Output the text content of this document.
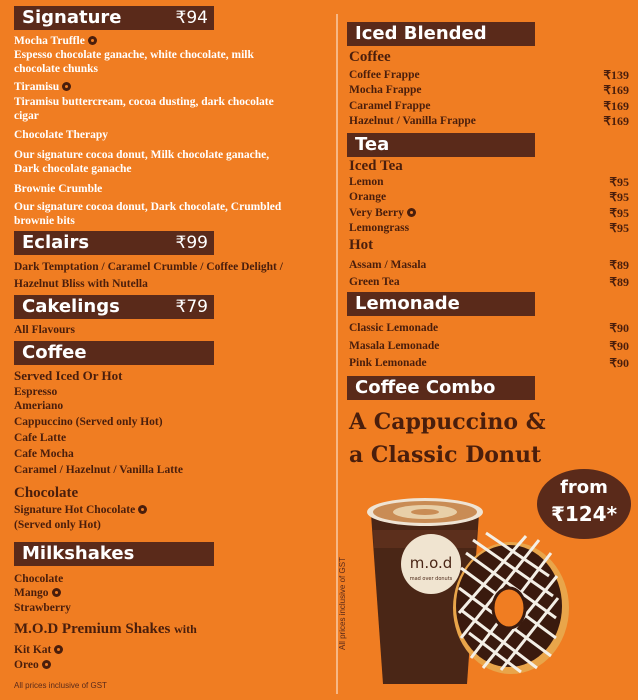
Signature	₹94
Mocha Truffle
Espesso chocolate ganache, white chocolate, milk chocolate chunks
Tiramisu
Tiramisu buttercream, cocoa dusting, dark chocolate cigar
Chocolate Therapy
Our signature cocoa donut, Milk chocolate ganache, Dark chocolate ganache
Brownie Crumble
Our signature cocoa donut, Dark chocolate, Crumbled brownie bits
Eclairs	₹99
Dark Temptation / Caramel Crumble / Coffee Delight /
Hazelnut Bliss with Nutella
Cakelings	₹79
All Flavours
Coffee
Served Iced Or Hot
Espresso
Ameriano
Cappuccino (Served only Hot)
Cafe Latte
Cafe Mocha
Caramel / Hazelnut / Vanilla Latte
Chocolate
Signature Hot Chocolate
(Served only Hot)
Milkshakes
Chocolate
Mango
Strawberry
M.O.D Premium Shakes with
Kit Kat
Oreo
All prices inclusive of GST
Iced Blended
Coffee
Coffee Frappe	₹139
Mocha Frappe	₹169
Caramel Frappe	₹169
Hazelnut / Vanilla Frappe	₹169
Tea
Iced Tea
Lemon	₹95
Orange	₹95
Very Berry	₹95
Lemongrass	₹95
Hot
Assam / Masala	₹89
Green Tea	₹89
Lemonade
Classic Lemonade	₹90
Masala Lemonade	₹90
Pink Lemonade	₹90
Coffee Combo
A Cappuccino &
a Classic Donut
m.o.d
mad over donuts
All prices inclusive of GST
from
₹124*
